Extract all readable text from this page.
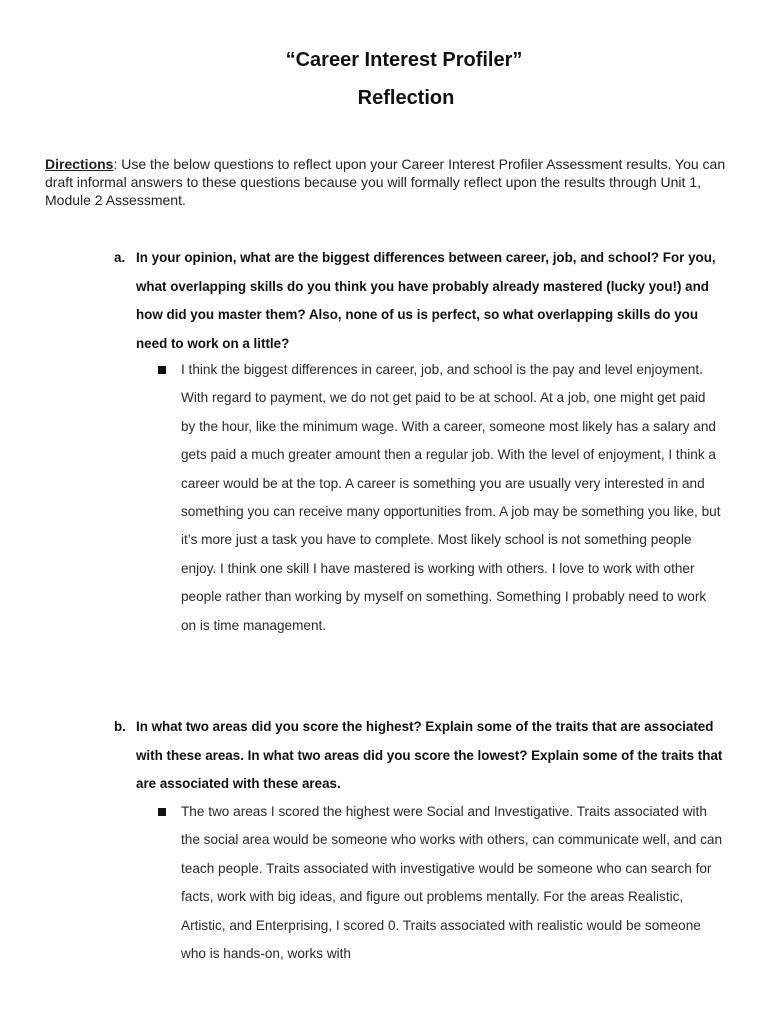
“Career Interest Profiler”
Reflection
Directions: Use the below questions to reflect upon your Career Interest Profiler Assessment results. You can draft informal answers to these questions because you will formally reflect upon the results through Unit 1, Module 2 Assessment.
a. In your opinion, what are the biggest differences between career, job, and school? For you, what overlapping skills do you think you have probably already mastered (lucky you!) and how did you master them? Also, none of us is perfect, so what overlapping skills do you need to work on a little?
I think the biggest differences in career, job, and school is the pay and level enjoyment. With regard to payment, we do not get paid to be at school. At a job, one might get paid by the hour, like the minimum wage. With a career, someone most likely has a salary and gets paid a much greater amount then a regular job. With the level of enjoyment, I think a career would be at the top. A career is something you are usually very interested in and something you can receive many opportunities from. A job may be something you like, but it’s more just a task you have to complete. Most likely school is not something people enjoy. I think one skill I have mastered is working with others. I love to work with other people rather than working by myself on something. Something I probably need to work on is time management.
b. In what two areas did you score the highest? Explain some of the traits that are associated with these areas. In what two areas did you score the lowest? Explain some of the traits that are associated with these areas.
The two areas I scored the highest were Social and Investigative. Traits associated with the social area would be someone who works with others, can communicate well, and can teach people. Traits associated with investigative would be someone who can search for facts, work with big ideas, and figure out problems mentally. For the areas Realistic, Artistic, and Enterprising, I scored 0. Traits associated with realistic would be someone who is hands-on, works with
